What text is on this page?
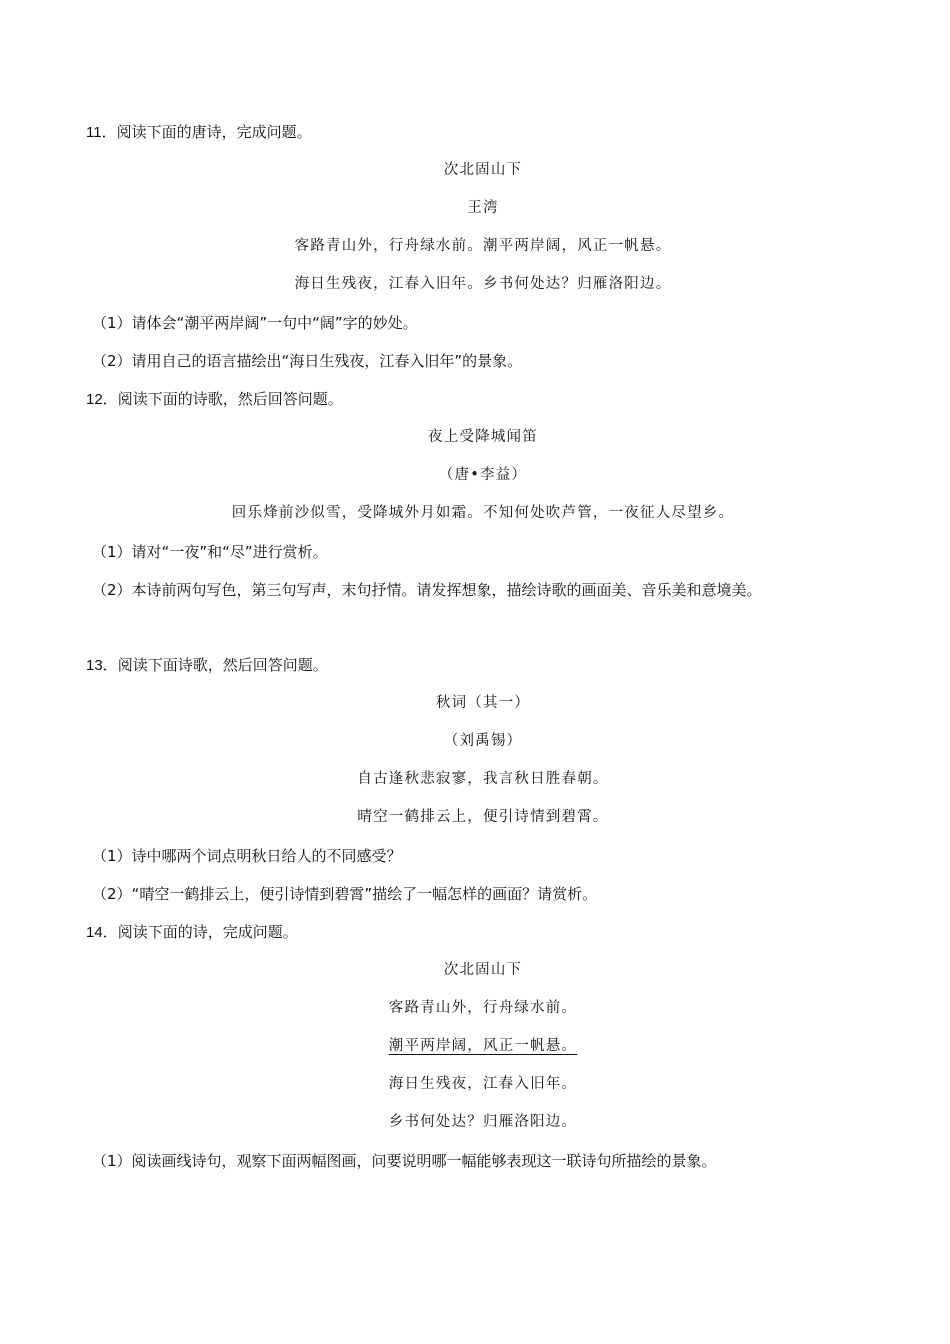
11．阅读下面的唐诗，完成问题。
次北固山下
王湾
客路青山外，行舟绿水前。潮平两岸阔，风正一帆悬。
海日生残夜，江春入旧年。乡书何处达？归雁洛阳边。
（1）请体会“潮平两岸阔”一句中“阔”字的妙处。
（2）请用自己的语言描绘出“海日生残夜，江春入旧年”的景象。
12．阅读下面的诗歌，然后回答问题。
夜上受降城闻笛
（唐•李益）
回乐烽前沙似雪，受降城外月如霜。不知何处吹芦管，一夜征人尽望乡。
（1）请对“一夜”和“尽”进行赏析。
（2）本诗前两句写色，第三句写声，末句抒情。请发挥想象，描绘诗歌的画面美、音乐美和意境美。
13．阅读下面诗歌，然后回答问题。
秋词（其一）
（刘禹锡）
自古逢秋悲寂寥，我言秋日胜春朝。
晴空一鹤排云上，便引诗情到碧霄。
（1）诗中哪两个词点明秋日给人的不同感受？
（2）“晴空一鹤排云上，便引诗情到碧霄”描绘了一幅怎样的画面？请赏析。
14．阅读下面的诗，完成问题。
次北固山下
客路青山外，行舟绿水前。
潮平两岸阔，风正一帆悬。
海日生残夜，江春入旧年。
乡书何处达？归雁洛阳边。
（1）阅读画线诗句，观察下面两幅图画，问要说明哪一幅能够表现这一联诗句所描绘的景象。
